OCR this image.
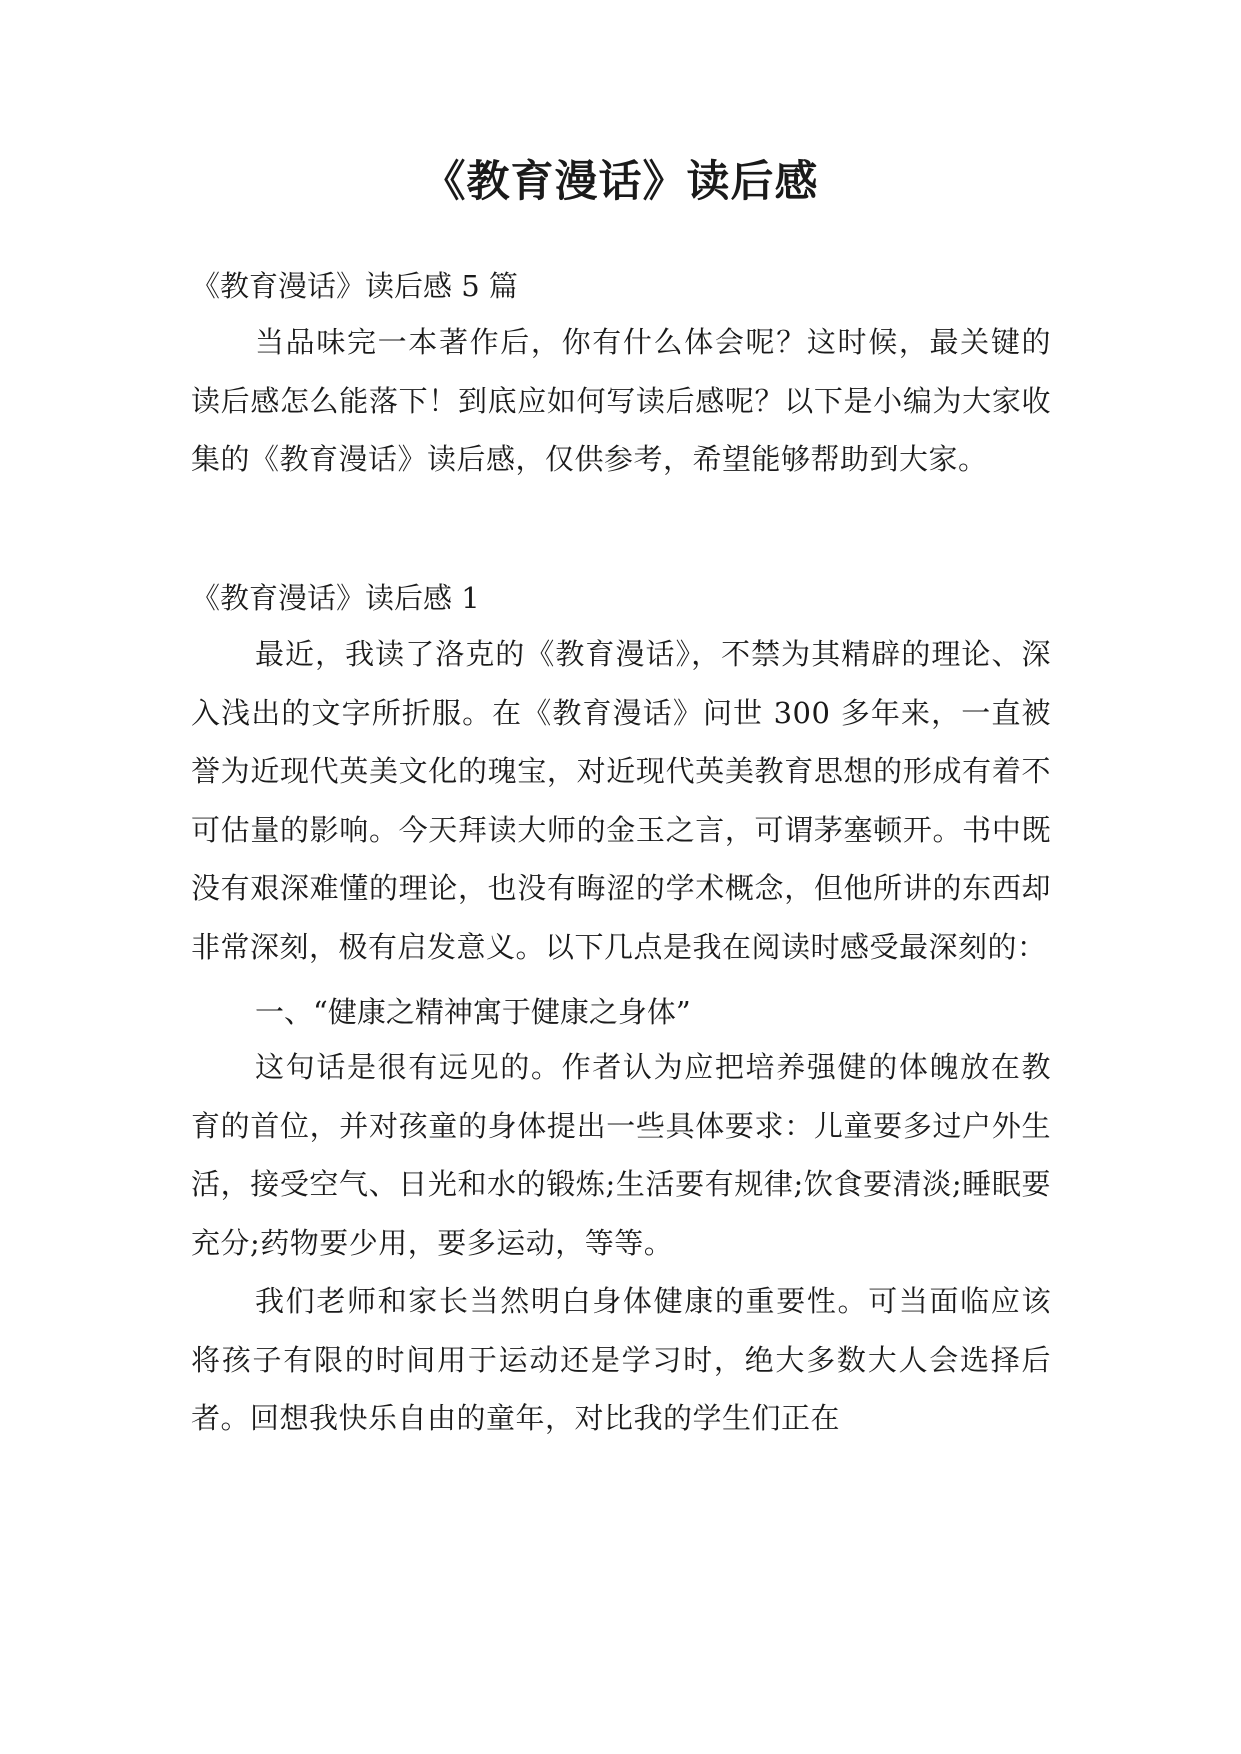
《教育漫话》读后感
《教育漫话》读后感 5 篇
当品味完一本著作后，你有什么体会呢？这时候，最关键的读后感怎么能落下！到底应如何写读后感呢？以下是小编为大家收集的《教育漫话》读后感，仅供参考，希望能够帮助到大家。
《教育漫话》读后感 1
最近，我读了洛克的《教育漫话》，不禁为其精辟的理论、深入浅出的文字所折服。在《教育漫话》问世 300 多年来，一直被誉为近现代英美文化的瑰宝，对近现代英美教育思想的形成有着不可估量的影响。今天拜读大师的金玉之言，可谓茅塞顿开。书中既没有艰深难懂的理论，也没有晦涩的学术概念，但他所讲的东西却非常深刻，极有启发意义。以下几点是我在阅读时感受最深刻的：
一、“健康之精神寓于健康之身体”
这句话是很有远见的。作者认为应把培养强健的体魄放在教育的首位，并对孩童的身体提出一些具体要求：儿童要多过户外生活，接受空气、日光和水的锻炼;生活要有规律;饮食要清淡;睡眠要充分;药物要少用，要多运动，等等。
我们老师和家长当然明白身体健康的重要性。可当面临应该将孩子有限的时间用于运动还是学习时，绝大多数大人会选择后者。回想我快乐自由的童年，对比我的学生们正在
